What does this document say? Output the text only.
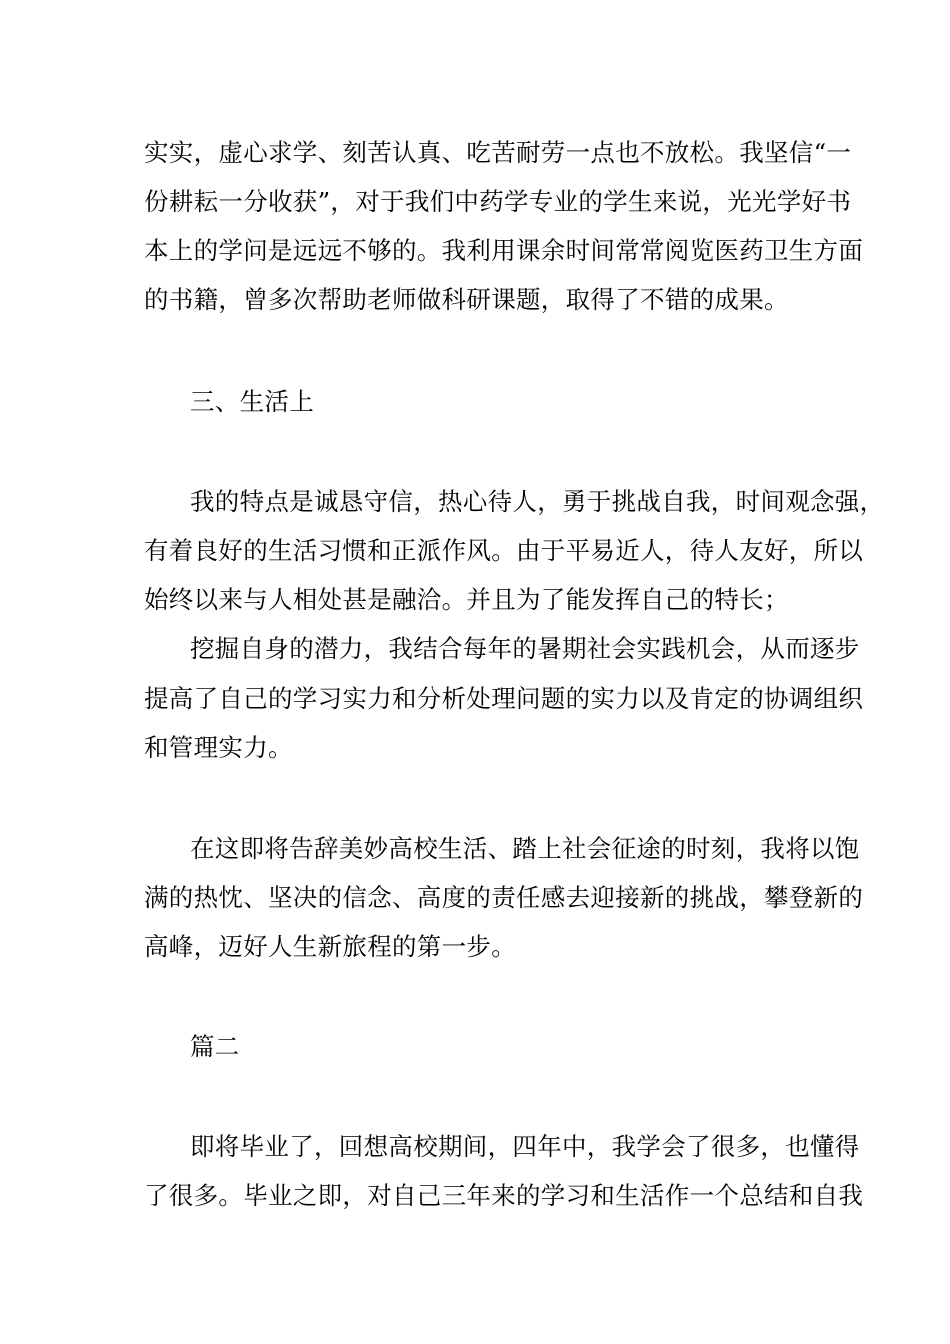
实实，虚心求学、刻苦认真、吃苦耐劳一点也不放松。我坚信“一
份耕耘一分收获”，对于我们中药学专业的学生来说，光光学好书
本上的学问是远远不够的。我利用课余时间常常阅览医药卫生方面
的书籍，曾多次帮助老师做科研课题，取得了不错的成果。
三、生活上
我的特点是诚恳守信，热心待人，勇于挑战自我，时间观念强，
有着良好的生活习惯和正派作风。由于平易近人，待人友好，所以
始终以来与人相处甚是融洽。并且为了能发挥自己的特长；
挖掘自身的潜力，我结合每年的暑期社会实践机会，从而逐步
提高了自己的学习实力和分析处理问题的实力以及肯定的协调组织
和管理实力。
在这即将告辞美妙高校生活、踏上社会征途的时刻，我将以饱
满的热忱、坚决的信念、高度的责任感去迎接新的挑战，攀登新的
高峰，迈好人生新旅程的第一步。
篇二
即将毕业了，回想高校期间，四年中，我学会了很多，也懂得
了很多。毕业之即，对自己三年来的学习和生活作一个总结和自我
